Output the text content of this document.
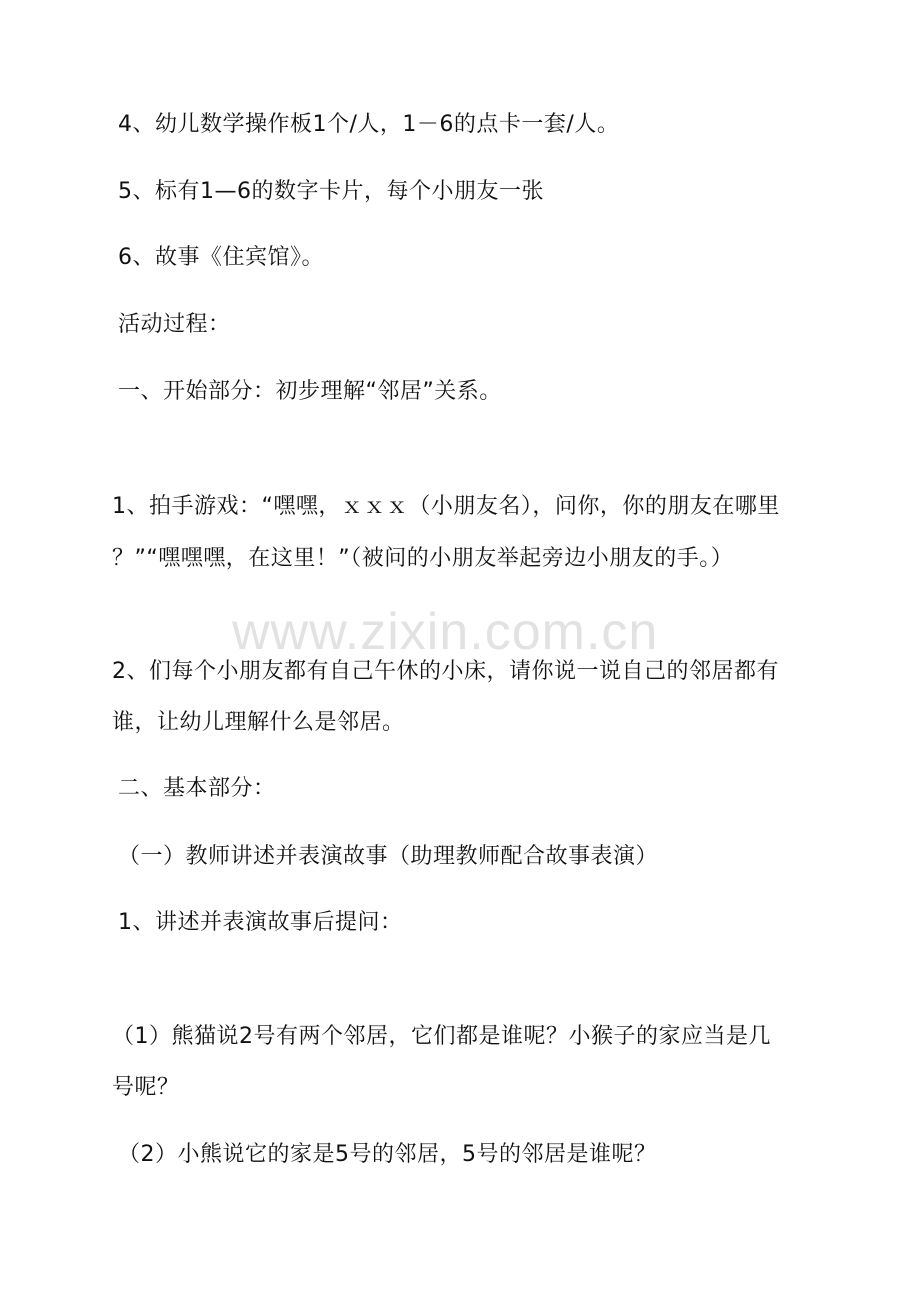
4、幼儿数学操作板1个/人，1－6的点卡一套/人。
5、标有1—6的数字卡片，每个小朋友一张
6、故事《住宾馆》。
活动过程：
一、开始部分：初步理解“邻居”关系。
1、拍手游戏：“嘿嘿，ｘｘｘ（小朋友名），问你，你的朋友在哪里
？”“嘿嘿嘿，在这里！”（被问的小朋友举起旁边小朋友的手。）
2、们每个小朋友都有自己午休的小床，请你说一说自己的邻居都有
谁，让幼儿理解什么是邻居。
二、基本部分：
（一）教师讲述并表演故事（助理教师配合故事表演）
1、讲述并表演故事后提问：
（1）熊猫说2号有两个邻居，它们都是谁呢？小猴子的家应当是几
号呢？
（2）小熊说它的家是5号的邻居，5号的邻居是谁呢？
www.zixin.com.cn
